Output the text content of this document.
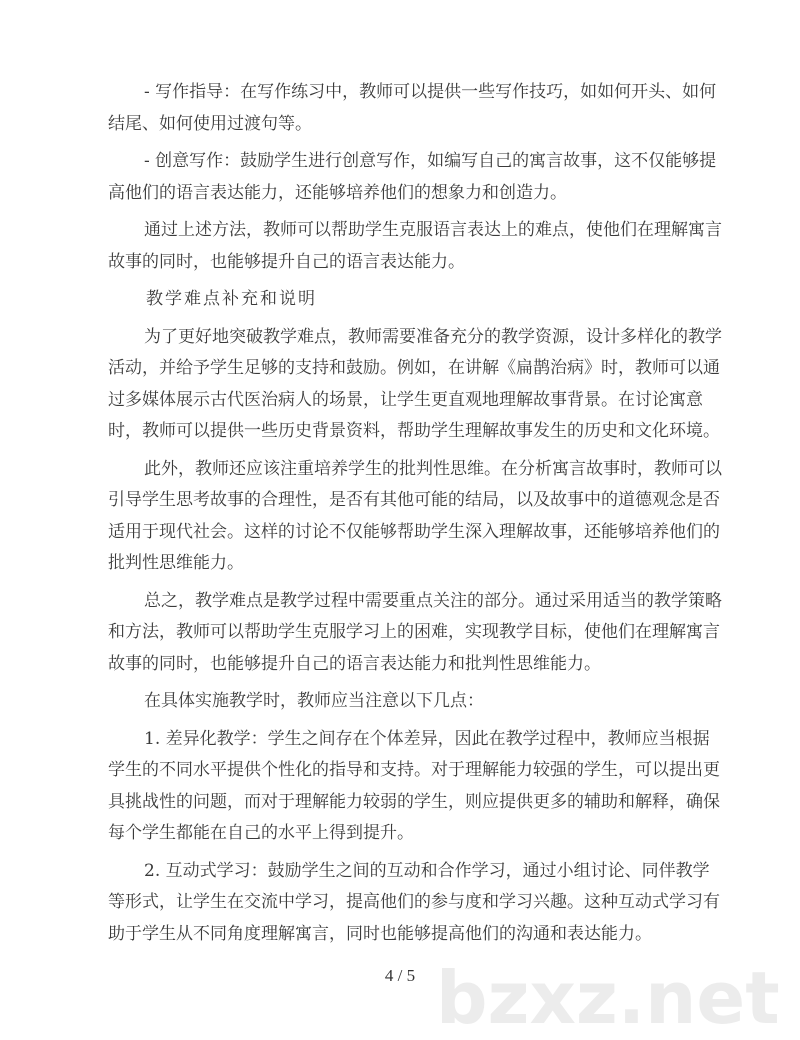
bzxz.net
- 写作指导：在写作练习中，教师可以提供一些写作技巧，如如何开头、如何
结尾、如何使用过渡句等。
- 创意写作：鼓励学生进行创意写作，如编写自己的寓言故事，这不仅能够提
高他们的语言表达能力，还能够培养他们的想象力和创造力。
通过上述方法，教师可以帮助学生克服语言表达上的难点，使他们在理解寓言
故事的同时，也能够提升自己的语言表达能力。
教学难点补充和说明
为了更好地突破教学难点，教师需要准备充分的教学资源，设计多样化的教学
活动，并给予学生足够的支持和鼓励。例如，在讲解《扁鹊治病》时，教师可以通
过多媒体展示古代医治病人的场景，让学生更直观地理解故事背景。在讨论寓意
时，教师可以提供一些历史背景资料，帮助学生理解故事发生的历史和文化环境。
此外，教师还应该注重培养学生的批判性思维。在分析寓言故事时，教师可以
引导学生思考故事的合理性，是否有其他可能的结局，以及故事中的道德观念是否
适用于现代社会。这样的讨论不仅能够帮助学生深入理解故事，还能够培养他们的
批判性思维能力。
总之，教学难点是教学过程中需要重点关注的部分。通过采用适当的教学策略
和方法，教师可以帮助学生克服学习上的困难，实现教学目标，使他们在理解寓言
故事的同时，也能够提升自己的语言表达能力和批判性思维能力。
在具体实施教学时，教师应当注意以下几点：
1. 差异化教学：学生之间存在个体差异，因此在教学过程中，教师应当根据
学生的不同水平提供个性化的指导和支持。对于理解能力较强的学生，可以提出更
具挑战性的问题，而对于理解能力较弱的学生，则应提供更多的辅助和解释，确保
每个学生都能在自己的水平上得到提升。
2. 互动式学习：鼓励学生之间的互动和合作学习，通过小组讨论、同伴教学
等形式，让学生在交流中学习，提高他们的参与度和学习兴趣。这种互动式学习有
助于学生从不同角度理解寓言，同时也能够提高他们的沟通和表达能力。
4 / 5
